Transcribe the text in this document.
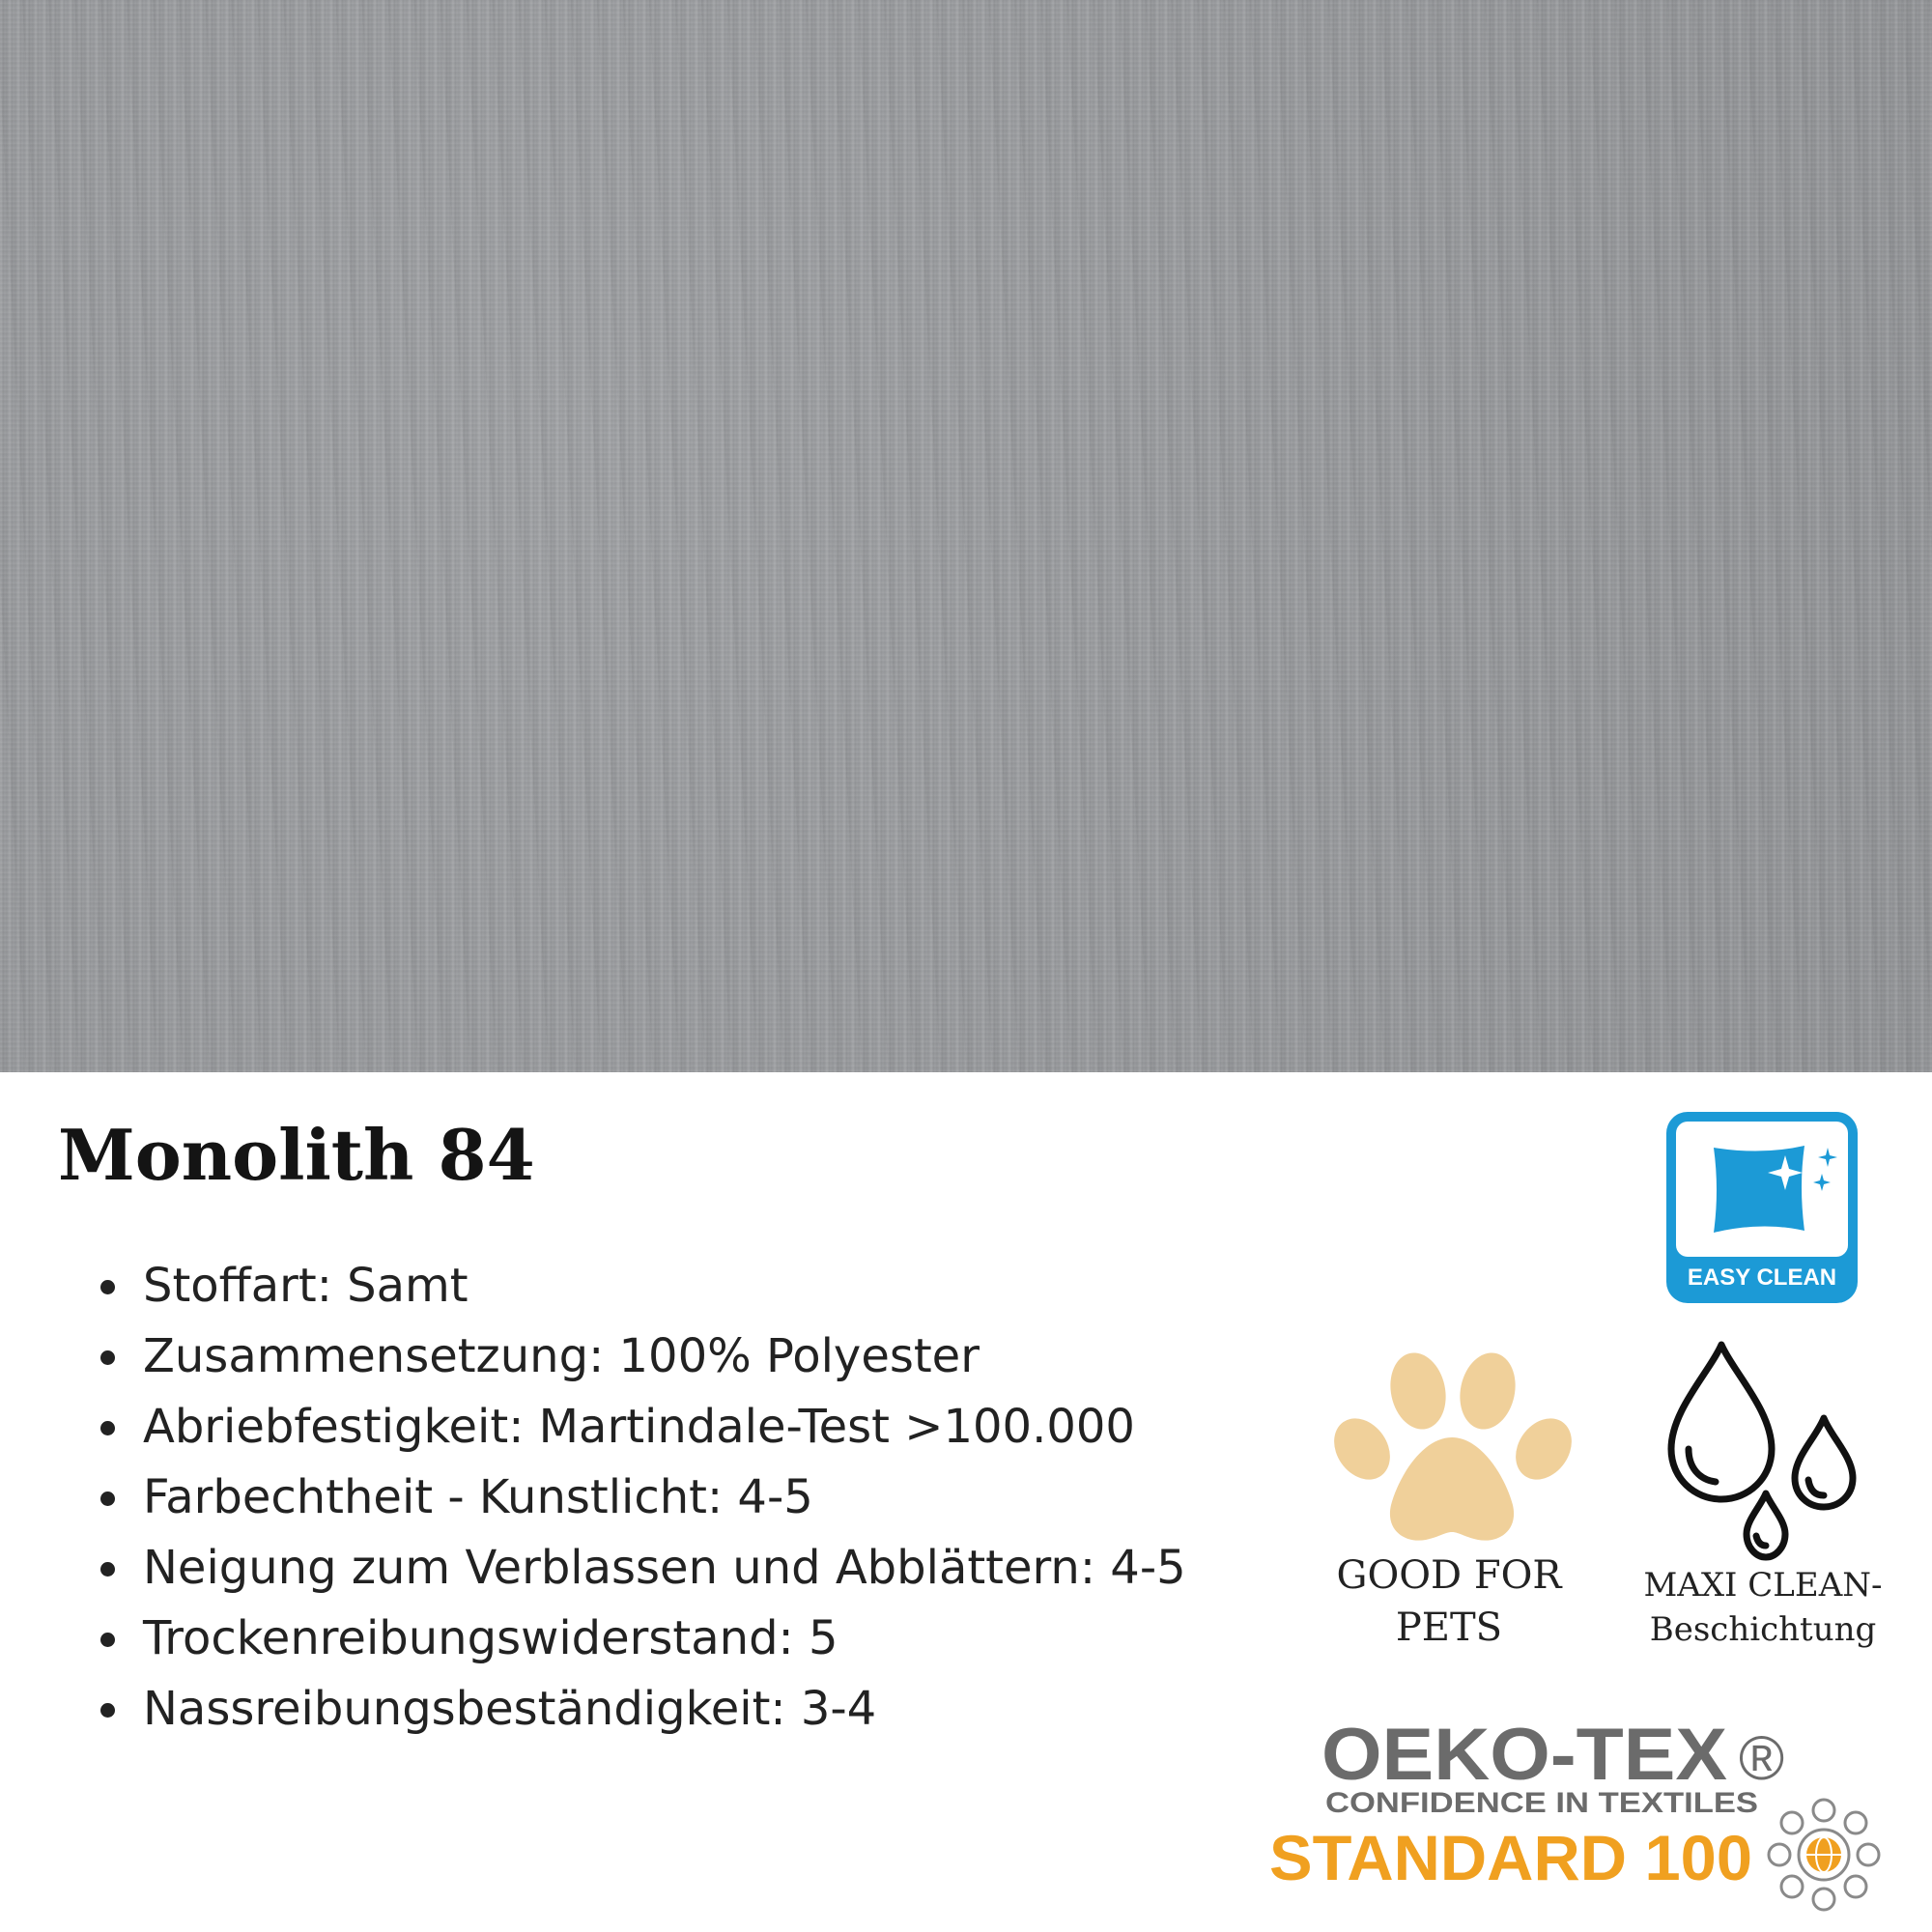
Monolith 84
Stoffart: Samt
Zusammensetzung: 100% Polyester
Abriebfestigkeit: Martindale-Test >100.000
Farbechtheit - Kunstlicht: 4-5
Neigung zum Verblassen und Abblättern: 4-5
Trockenreibungswiderstand: 5
Nassreibungsbeständigkeit: 3-4
EASY CLEAN
GOOD FOR
PETS
MAXI CLEAN-
Beschichtung
OEKO-TEX ®
CONFIDENCE IN TEXTILES
STANDARD 100
